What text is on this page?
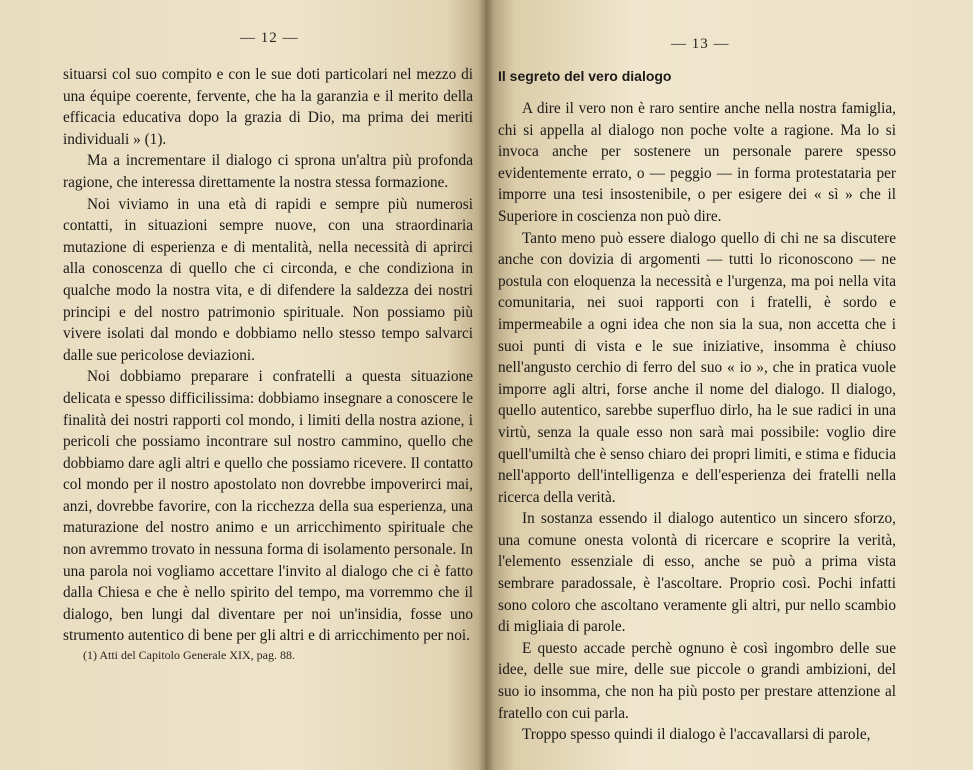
— 12 —

situarsi col suo compito e con le sue doti particolari nel mezzo di una équipe coerente, fervente, che ha la garanzia e il merito della efficacia educativa dopo la grazia di Dio, ma prima dei meriti individuali » (1).

Ma a incrementare il dialogo ci sprona un'altra più profonda ragione, che interessa direttamente la nostra stessa formazione.

Noi viviamo in una età di rapidi e sempre più numerosi contatti, in situazioni sempre nuove, con una straordinaria mutazione di esperienza e di mentalità, nella necessità di aprirci alla conoscenza di quello che ci circonda, e che condiziona in qualche modo la nostra vita, e di difendere la saldezza dei nostri principi e del nostro patrimonio spirituale. Non possiamo più vivere isolati dal mondo e dobbiamo nello stesso tempo salvarci dalle sue pericolose deviazioni.

Noi dobbiamo preparare i confratelli a questa situazione delicata e spesso difficilissima: dobbiamo insegnare a conoscere le finalità dei nostri rapporti col mondo, i limiti della nostra azione, i pericoli che possiamo incontrare sul nostro cammino, quello che dobbiamo dare agli altri e quello che possiamo ricevere. Il contatto col mondo per il nostro apostolato non dovrebbe impoverirci mai, anzi, dovrebbe favorire, con la ricchezza della sua esperienza, una maturazione del nostro animo e un arricchimento spirituale che non avremmo trovato in nessuna forma di isolamento personale. In una parola noi vogliamo accettare l'invito al dialogo che ci è fatto dalla Chiesa e che è nello spirito del tempo, ma vorremmo che il dialogo, ben lungi dal diventare per noi un'insidia, fosse uno strumento autentico di bene per gli altri e di arricchimento per noi.

(1) Atti del Capitolo Generale XIX, pag. 88.
— 13 —
Il segreto del vero dialogo

A dire il vero non è raro sentire anche nella nostra famiglia, chi si appella al dialogo non poche volte a ragione. Ma lo si invoca anche per sostenere un personale parere spesso evidentemente errato, o — peggio — in forma protestataria per imporre una tesi insostenibile, o per esigere dei « sì » che il Superiore in coscienza non può dire.

Tanto meno può essere dialogo quello di chi ne sa discutere anche con dovizia di argomenti — tutti lo riconoscono — ne postula con eloquenza la necessità e l'urgenza, ma poi nella vita comunitaria, nei suoi rapporti con i fratelli, è sordo e impermeabile a ogni idea che non sia la sua, non accetta che i suoi punti di vista e le sue iniziative, insomma è chiuso nell'angusto cerchio di ferro del suo « io », che in pratica vuole imporre agli altri, forse anche il nome del dialogo. Il dialogo, quello autentico, sarebbe superfluo dirlo, ha le sue radici in una virtù, senza la quale esso non sarà mai possibile: voglio dire quell'umiltà che è senso chiaro dei propri limiti, e stima e fiducia nell'apporto dell'intelligenza e dell'esperienza dei fratelli nella ricerca della verità.

In sostanza essendo il dialogo autentico un sincero sforzo, una comune onesta volontà di ricercare e scoprire la verità, l'elemento essenziale di esso, anche se può a prima vista sembrare paradossale, è l'ascoltare. Proprio così. Pochi infatti sono coloro che ascoltano veramente gli altri, pur nello scambio di migliaia di parole.

E questo accade perchè ognuno è così ingombro delle sue idee, delle sue mire, delle sue piccole o grandi ambizioni, del suo io insomma, che non ha più posto per prestare attenzione al fratello con cui parla.

Troppo spesso quindi il dialogo è l'accavallarsi di parole,
